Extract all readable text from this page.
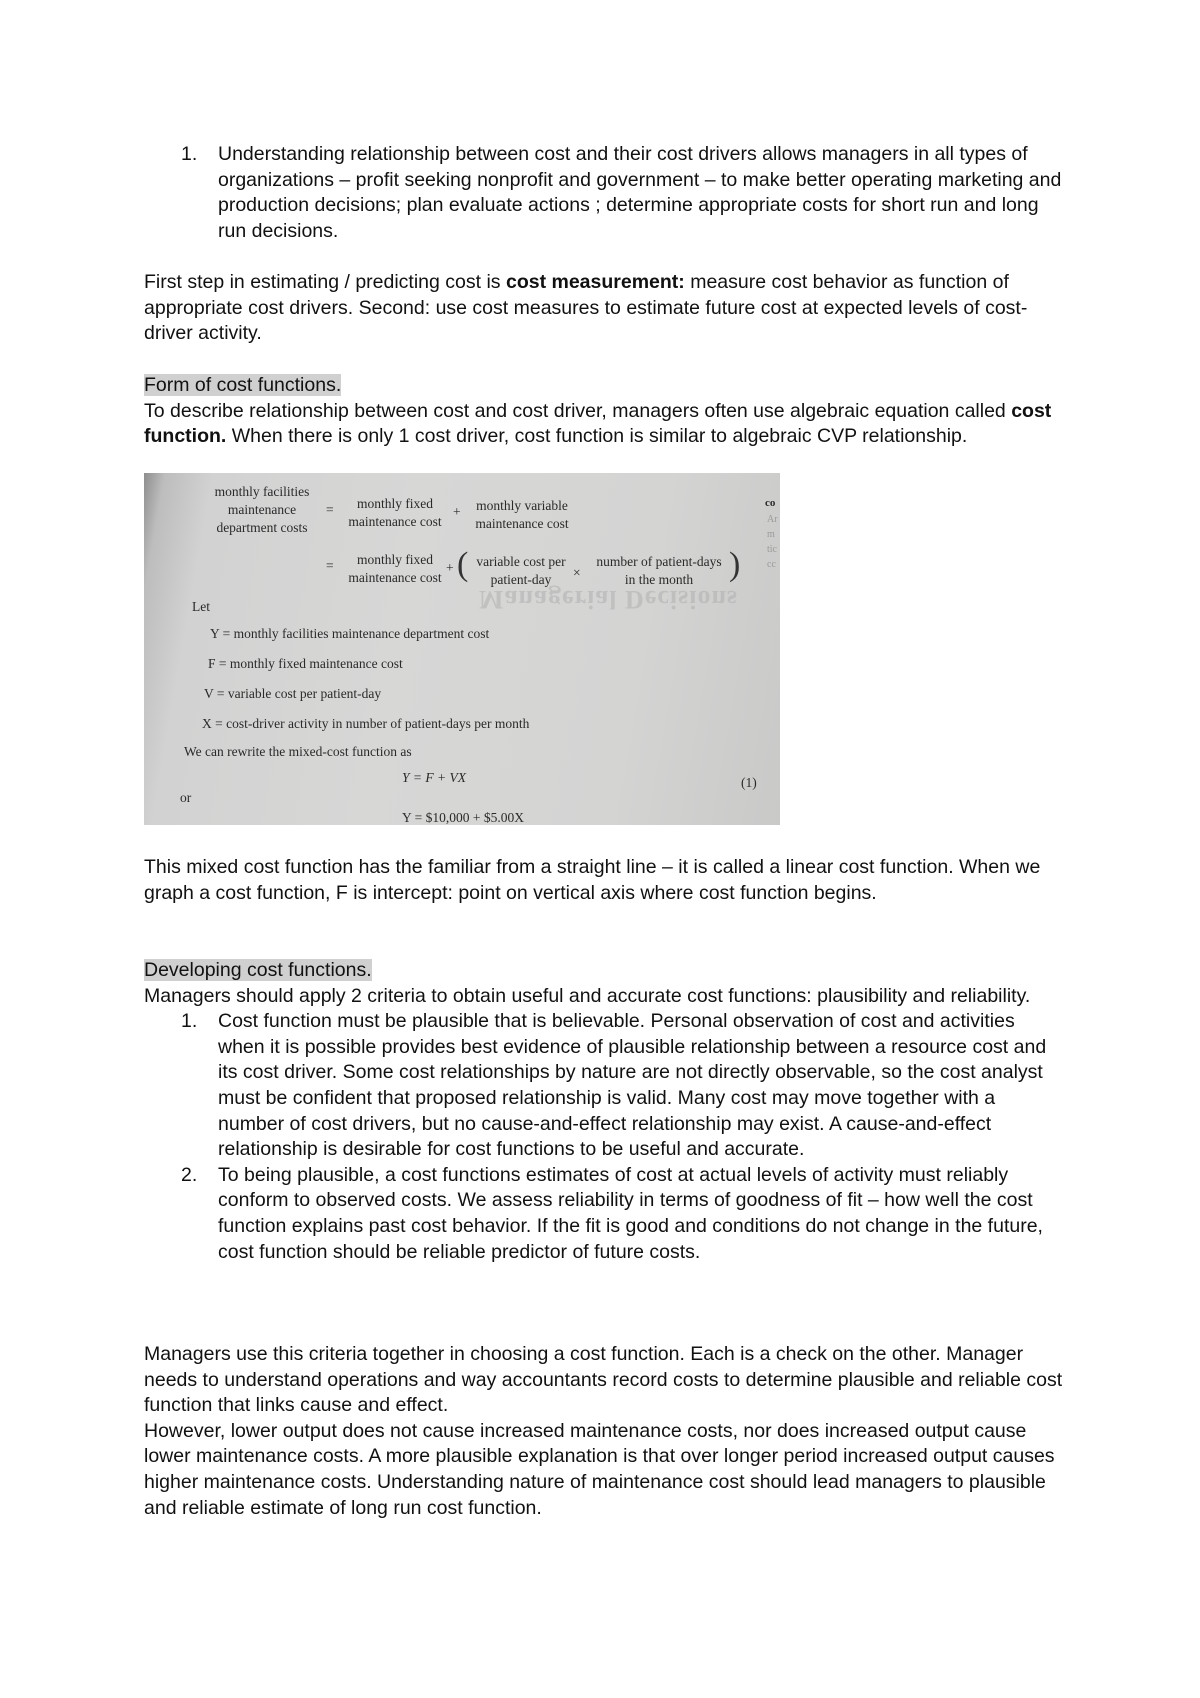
1. Understanding relationship between cost and their cost drivers allows managers in all types of organizations – profit seeking nonprofit and government – to make better operating marketing and production decisions; plan evaluate actions ; determine appropriate costs for short run and long run decisions.

First step in estimating / predicting cost is cost measurement: measure cost behavior as function of appropriate cost drivers. Second: use cost measures to estimate future cost at expected levels of cost-driver activity.

Form of cost functions.

To describe relationship between cost and cost driver, managers often use algebraic equation called cost function. When there is only 1 cost driver, cost function is similar to algebraic CVP relationship.

Managerial Decisions
monthly facilities
maintenance
department costs
=	monthly fixed
maintenance cost
+	monthly variable
maintenance cost
=	monthly fixed
maintenance cost
+ ( variable cost per
patient-day	×
number of patient-days
in the month	)
Let
Y = monthly facilities maintenance department cost
F = monthly fixed maintenance cost
V = variable cost per patient-day
X = cost-driver activity in number of patient-days per month
We can rewrite the mixed-cost function as
Y = F + VX	(1)
or
Y = $10,000 + $5.00X
co
Ar
m
tic
cc

This mixed cost function has the familiar from a straight line – it is called a linear cost function. When we graph a cost function, F is intercept: point on vertical axis where cost function begins.

Developing cost functions.

Managers should apply 2 criteria to obtain useful and accurate cost functions: plausibility and reliability.

1. Cost function must be plausible that is believable. Personal observation of cost and activities when it is possible provides best evidence of plausible relationship between a resource cost and its cost driver. Some cost relationships by nature are not directly observable, so the cost analyst must be confident that proposed relationship is valid. Many cost may move together with a number of cost drivers, but no cause-and-effect relationship may exist. A cause-and-effect relationship is desirable for cost functions to be useful and accurate.
2. To being plausible, a cost functions estimates of cost at actual levels of activity must reliably conform to observed costs. We assess reliability in terms of goodness of fit – how well the cost function explains past cost behavior. If the fit is good and conditions do not change in the future, cost function should be reliable predictor of future costs.

Managers use this criteria together in choosing a cost function. Each is a check on the other. Manager needs to understand operations and way accountants record costs to determine plausible and reliable cost function that links cause and effect.

However, lower output does not cause increased maintenance costs, nor does increased output cause lower maintenance costs. A more plausible explanation is that over longer period increased output causes higher maintenance costs. Understanding nature of maintenance cost should lead managers to plausible and reliable estimate of long run cost function.
